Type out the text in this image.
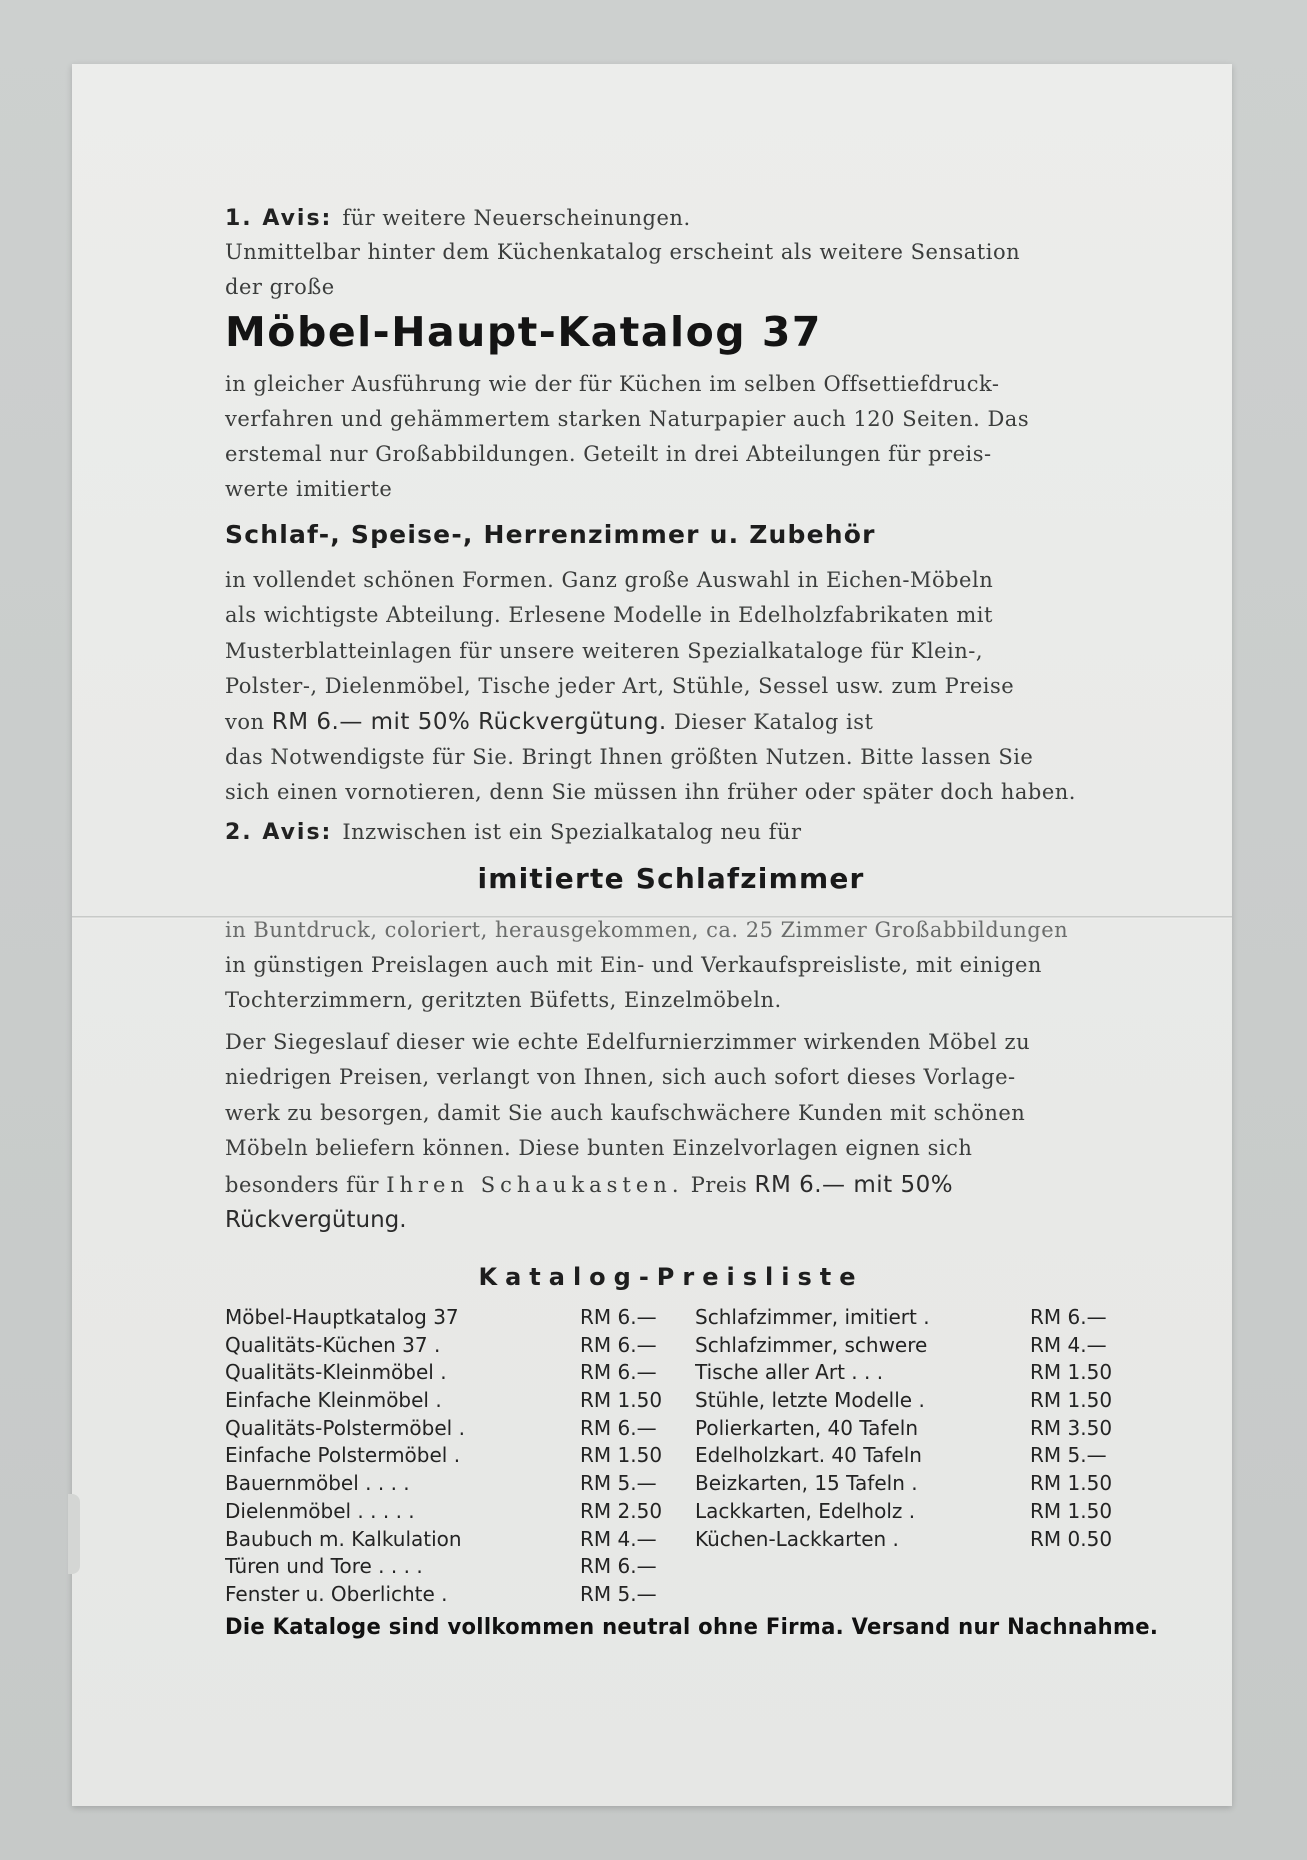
1. Avis: für weitere Neuerscheinungen.
Unmittelbar hinter dem Küchenkatalog erscheint als weitere Sensation
der große
Möbel-Haupt-Katalog 37
in gleicher Ausführung wie der für Küchen im selben Offsettiefdruck-
verfahren und gehämmertem starken Naturpapier auch 120 Seiten. Das
erstemal nur Großabbildungen. Geteilt in drei Abteilungen für preis-
werte imitierte
Schlaf-, Speise-, Herrenzimmer u. Zubehör
in vollendet schönen Formen. Ganz große Auswahl in Eichen-Möbeln
als wichtigste Abteilung. Erlesene Modelle in Edelholzfabrikaten mit
Musterblatteinlagen für unsere weiteren Spezialkataloge für Klein-,
Polster-, Dielenmöbel, Tische jeder Art, Stühle, Sessel usw. zum Preise
von RM 6.— mit 50% Rückvergütung. Dieser Katalog ist
das Notwendigste für Sie. Bringt Ihnen größten Nutzen. Bitte lassen Sie
sich einen vornotieren, denn Sie müssen ihn früher oder später doch haben.
2. Avis: Inzwischen ist ein Spezialkatalog neu für
imitierte Schlafzimmer
in Buntdruck, coloriert, herausgekommen, ca. 25 Zimmer Großabbildungen
in günstigen Preislagen auch mit Ein- und Verkaufspreisliste, mit einigen
Tochterzimmern, geritzten Büfetts, Einzelmöbeln.
Der Siegeslauf dieser wie echte Edelfurnierzimmer wirkenden Möbel zu
niedrigen Preisen, verlangt von Ihnen, sich auch sofort dieses Vorlage-
werk zu besorgen, damit Sie auch kaufschwächere Kunden mit schönen
Möbeln beliefern können. Diese bunten Einzelvorlagen eignen sich
besonders für Ihren Schaukasten. Preis RM 6.— mit 50%
Rückvergütung.
Katalog-Preisliste
Möbel-Hauptkatalog 37	RM 6.—
Qualitäts-Küchen 37 .	RM 6.—
Qualitäts-Kleinmöbel .	RM 6.—
Einfache Kleinmöbel .	RM 1.50
Qualitäts-Polstermöbel .	RM 6.—
Einfache Polstermöbel .	RM 1.50
Bauernmöbel . . . .	RM 5.—
Dielenmöbel . . . . .	RM 2.50
Baubuch m. Kalkulation	RM 4.—
Türen und Tore . . . .	RM 6.—
Fenster u. Oberlichte .	RM 5.—
Schlafzimmer, imitiert .	RM 6.—
Schlafzimmer, schwere	RM 4.—
Tische aller Art . . .	RM 1.50
Stühle, letzte Modelle .	RM 1.50
Polierkarten, 40 Tafeln	RM 3.50
Edelholzkart. 40 Tafeln	RM 5.—
Beizkarten, 15 Tafeln .	RM 1.50
Lackkarten, Edelholz .	RM 1.50
Küchen-Lackkarten .	RM 0.50
Die Kataloge sind vollkommen neutral ohne Firma. Versand nur Nachnahme.
